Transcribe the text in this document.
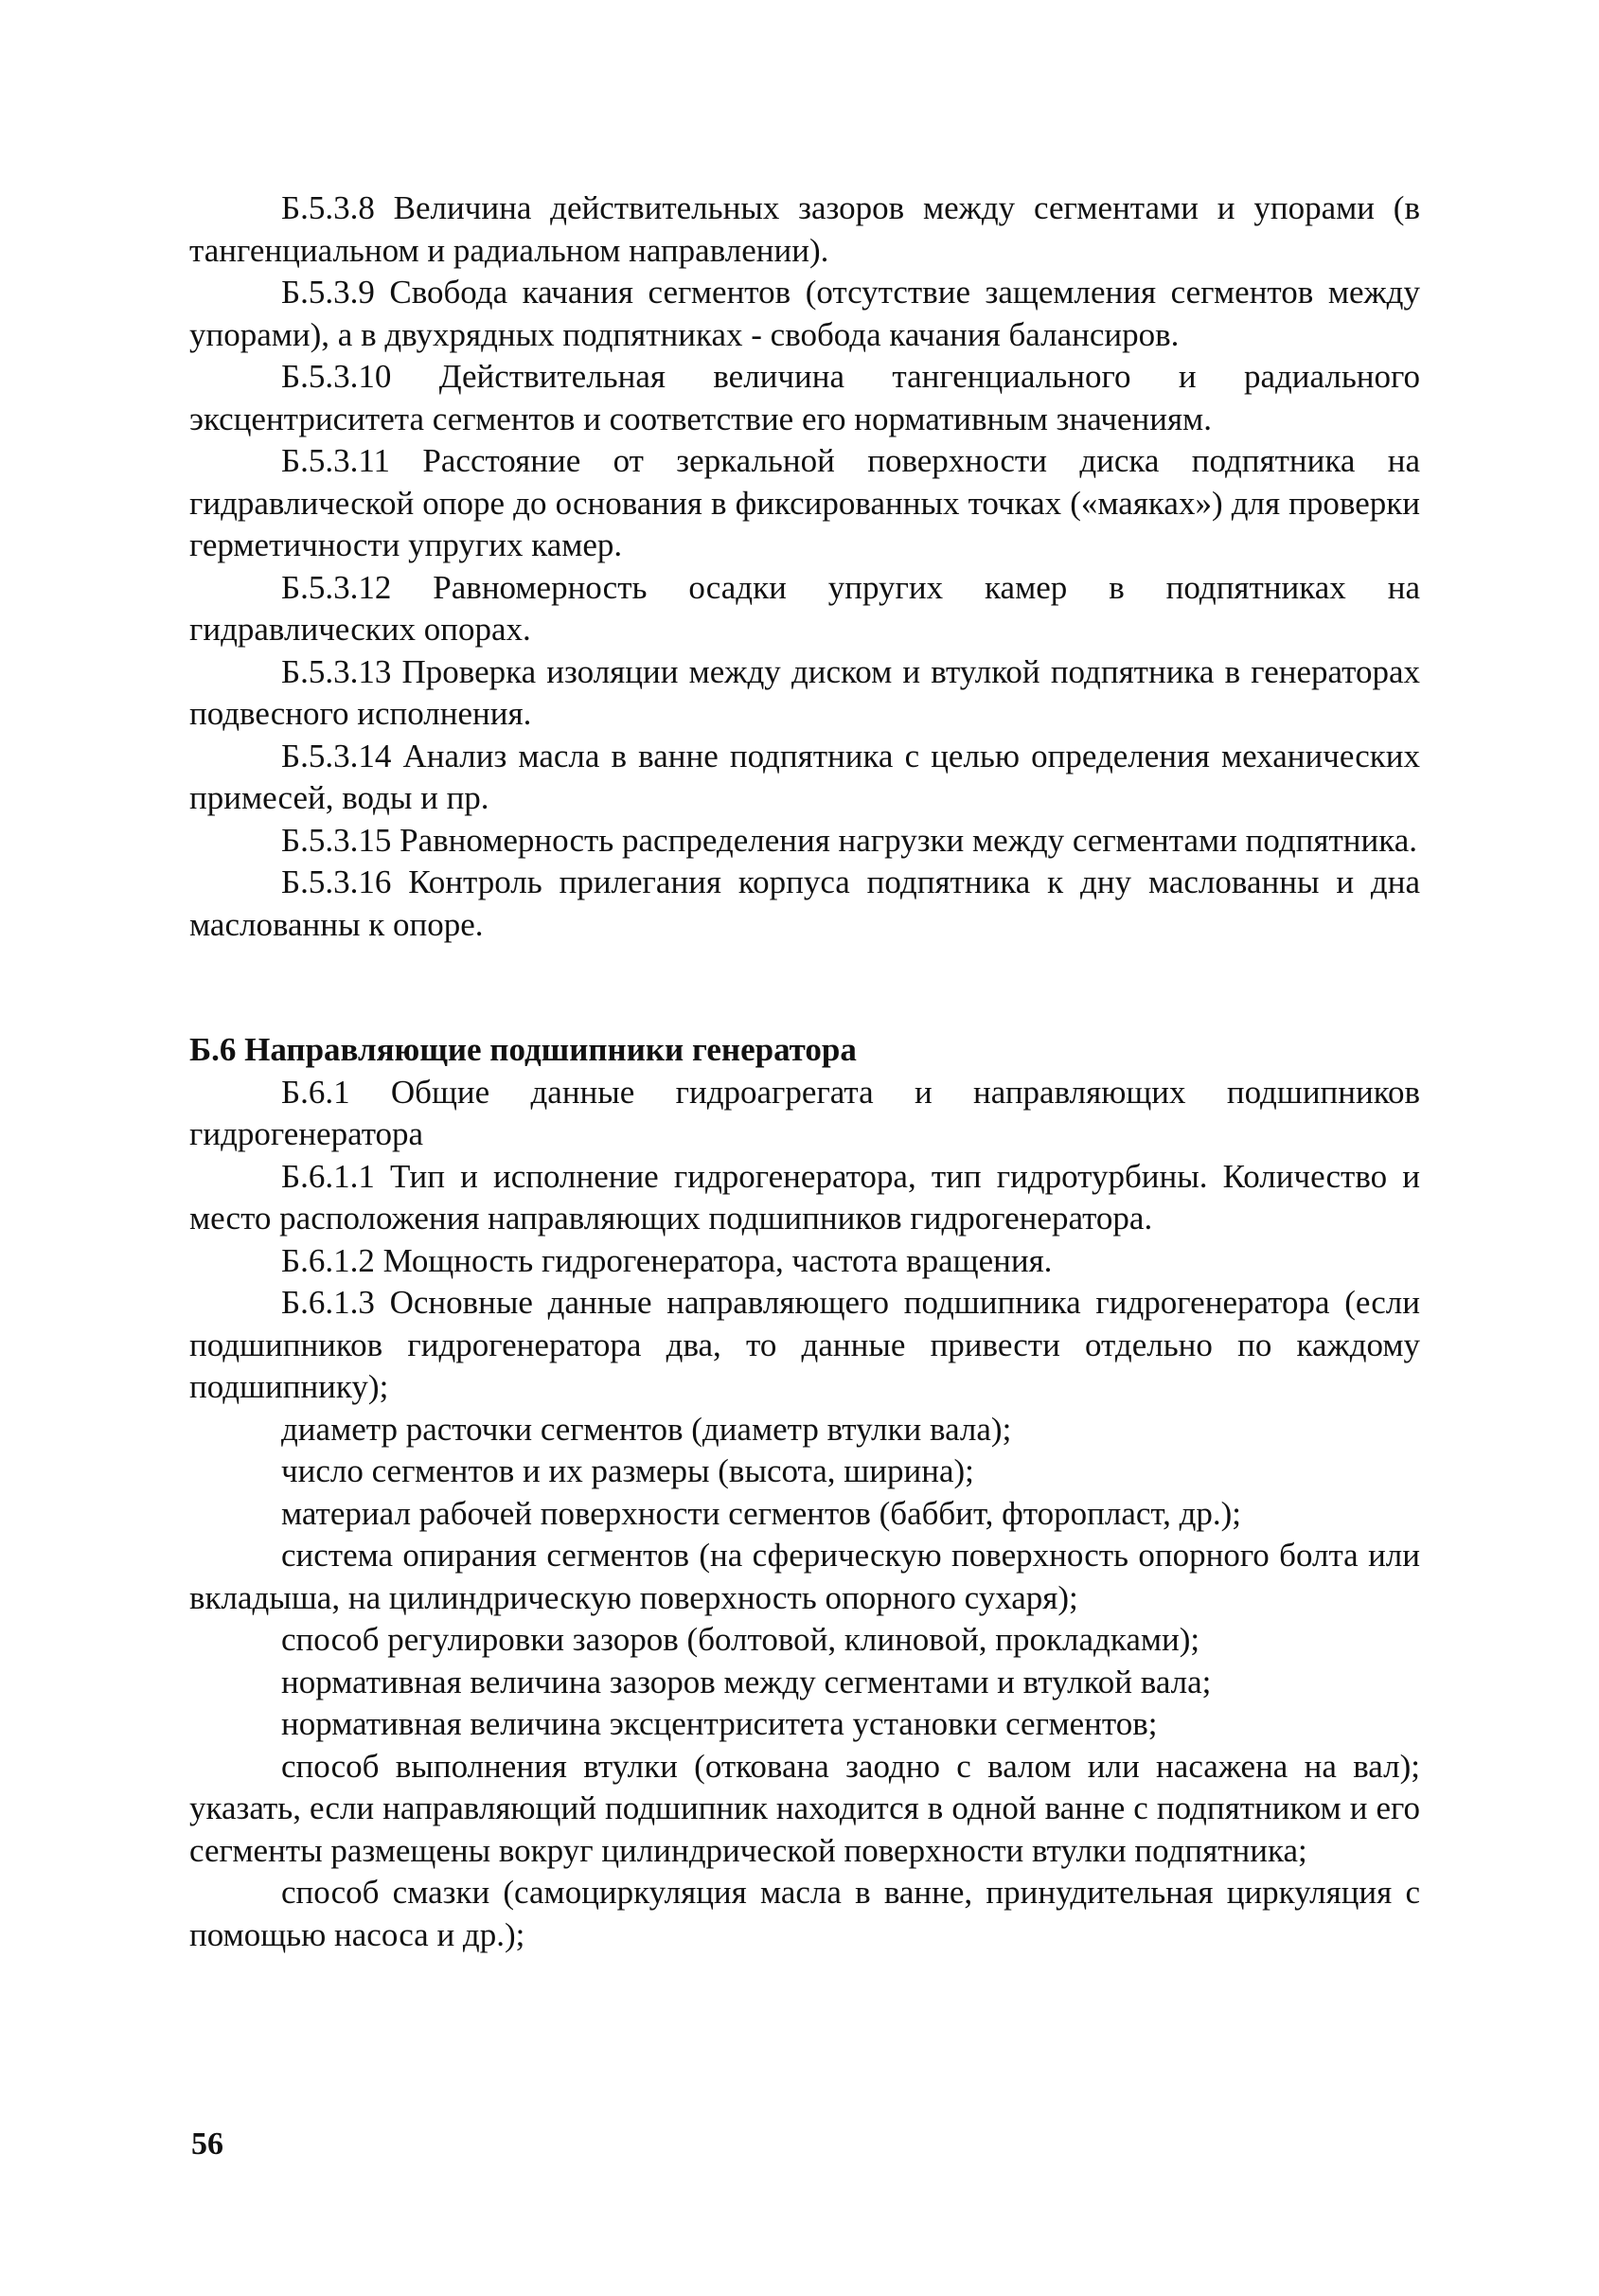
Б.5.3.8 Величина действительных зазоров между сегментами и упорами (в тангенциальном и радиальном направлении).

Б.5.3.9 Свобода качания сегментов (отсутствие защемления сегментов между упорами), а в двухрядных подпятниках - свобода качания балансиров.

Б.5.3.10 Действительная величина тангенциального и радиального эксцентриситета сегментов и соответствие его нормативным значениям.

Б.5.3.11 Расстояние от зеркальной поверхности диска подпятника на гидравлической опоре до основания в фиксированных точках («маяках») для проверки герметичности упругих камер.

Б.5.3.12 Равномерность осадки упругих камер в подпятниках на гидравлических опорах.

Б.5.3.13 Проверка изоляции между диском и втулкой подпятника в генераторах подвесного исполнения.

Б.5.3.14 Анализ масла в ванне подпятника с целью определения механических примесей, воды и пр.

Б.5.3.15 Равномерность распределения нагрузки между сегментами подпятника.

Б.5.3.16 Контроль прилегания корпуса подпятника к дну маслованны и дна маслованны к опоре.

Б.6 Направляющие подшипники генератора

Б.6.1 Общие данные гидроагрегата и направляющих подшипников гидрогенератора

Б.6.1.1 Тип и исполнение гидрогенератора, тип гидротурбины. Количество и место расположения направляющих подшипников гидрогенератора.

Б.6.1.2 Мощность гидрогенератора, частота вращения.

Б.6.1.3 Основные данные направляющего подшипника гидрогенератора (если подшипников гидрогенератора два, то данные привести отдельно по каждому подшипнику);

диаметр расточки сегментов (диаметр втулки вала);

число сегментов и их размеры (высота, ширина);

материал рабочей поверхности сегментов (баббит, фторопласт, др.);

система опирания сегментов (на сферическую поверхность опорного болта или вкладыша, на цилиндрическую поверхность опорного сухаря);

способ регулировки зазоров (болтовой, клиновой, прокладками);

нормативная величина зазоров между сегментами и втулкой вала;

нормативная величина эксцентриситета установки сегментов;

способ выполнения втулки (откована заодно с валом или насажена на вал); указать, если направляющий подшипник находится в одной ванне с подпятником и его сегменты размещены вокруг цилиндрической поверхности втулки подпятника;

способ смазки (самоциркуляция масла в ванне, принудительная циркуляция с помощью насоса и др.);

56
